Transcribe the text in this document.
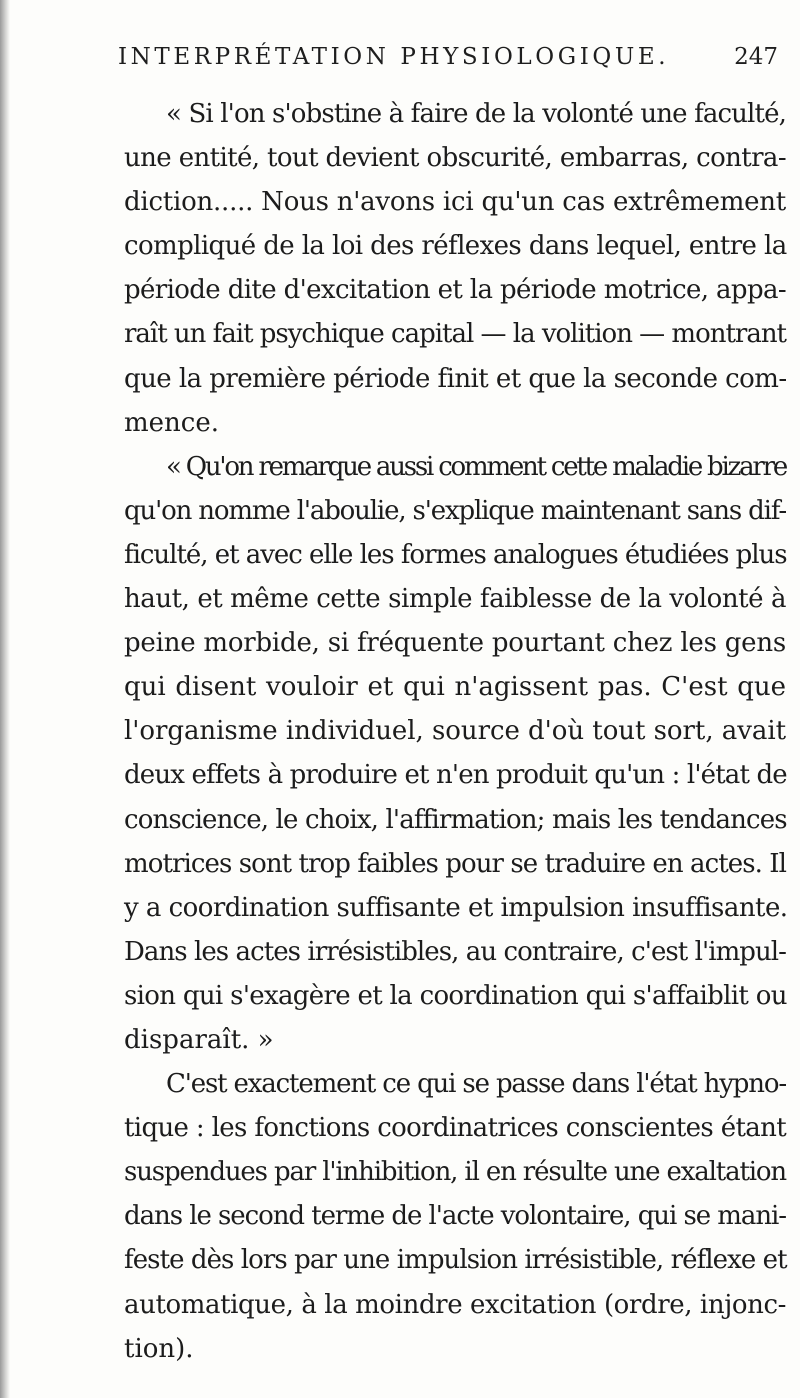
INTERPRÉTATION PHYSIOLOGIQUE.	247
« Si l'on s'obstine à faire de la volonté une faculté,
une entité, tout devient obscurité, embarras, contra-
diction..... Nous n'avons ici qu'un cas extrêmement
compliqué de la loi des réflexes dans lequel, entre la
période dite d'excitation et la période motrice, appa-
raît un fait psychique capital — la volition — montrant
que la première période finit et que la seconde com-
mence.
« Qu'on remarque aussi comment cette maladie bizarre
qu'on nomme l'aboulie, s'explique maintenant sans dif-
ficulté, et avec elle les formes analogues étudiées plus
haut, et même cette simple faiblesse de la volonté à
peine morbide, si fréquente pourtant chez les gens
qui disent vouloir et qui n'agissent pas. C'est que
l'organisme individuel, source d'où tout sort, avait
deux effets à produire et n'en produit qu'un : l'état de
conscience, le choix, l'affirmation; mais les tendances
motrices sont trop faibles pour se traduire en actes. Il
y a coordination suffisante et impulsion insuffisante.
Dans les actes irrésistibles, au contraire, c'est l'impul-
sion qui s'exagère et la coordination qui s'affaiblit ou
disparaît. »
C'est exactement ce qui se passe dans l'état hypno-
tique : les fonctions coordinatrices conscientes étant
suspendues par l'inhibition, il en résulte une exaltation
dans le second terme de l'acte volontaire, qui se mani-
feste dès lors par une impulsion irrésistible, réflexe et
automatique, à la moindre excitation (ordre, injonc-
tion).
